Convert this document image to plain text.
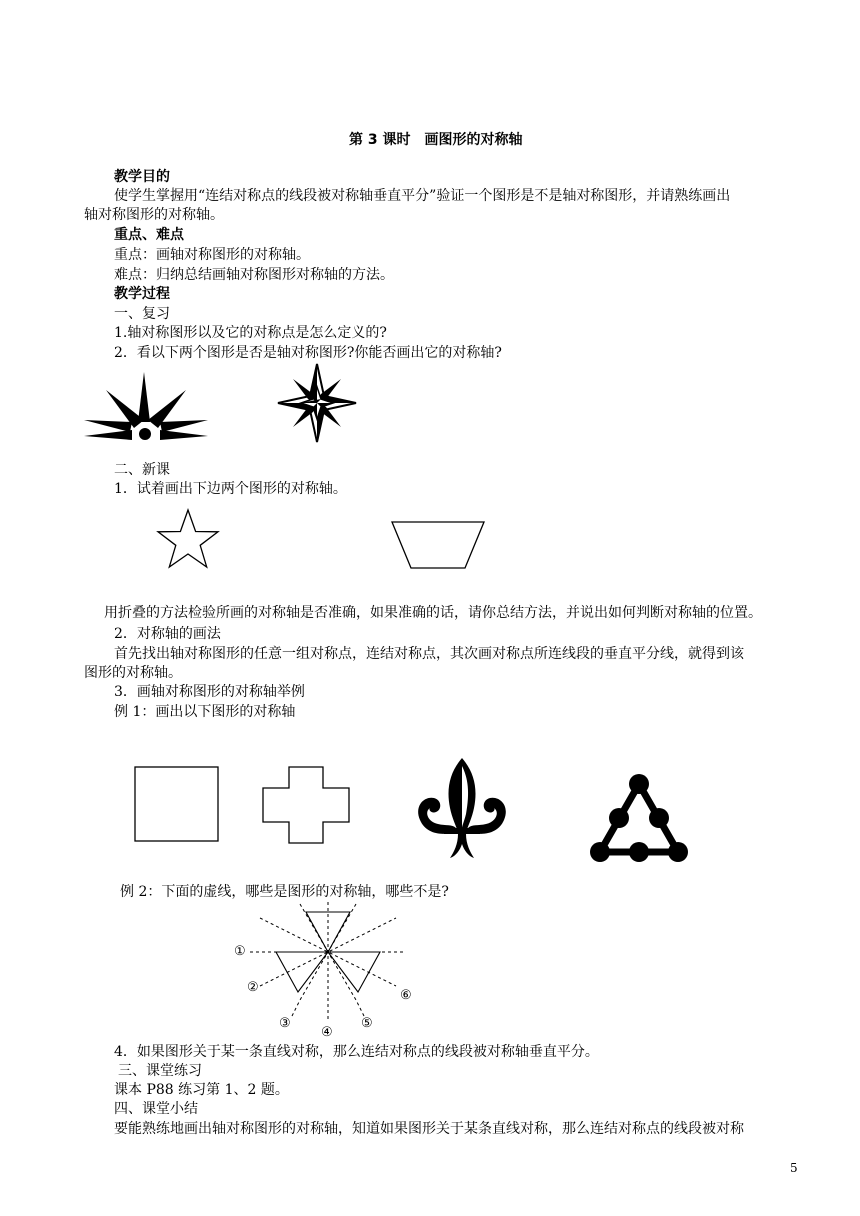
第 3 课时　画图形的对称轴
教学目的
使学生掌握用“连结对称点的线段被对称轴垂直平分”验证一个图形是不是轴对称图形，并请熟练画出
轴对称图形的对称轴。
重点、难点
重点：画轴对称图形的对称轴。
难点：归纳总结画轴对称图形对称轴的方法。
教学过程
一、复习
1.轴对称图形以及它的对称点是怎么定义的?
2．看以下两个图形是否是轴对称图形?你能否画出它的对称轴?
二、新课
1．试着画出下边两个图形的对称轴。
用折叠的方法检验所画的对称轴是否准确，如果准确的话，请你总结方法，并说出如何判断对称轴的位置。
2．对称轴的画法
首先找出轴对称图形的任意一组对称点，连结对称点，其次画对称点所连线段的垂直平分线，就得到该
图形的对称轴。
3．画轴对称图形的对称轴举例
例 1：画出以下图形的对称轴
例 2：下面的虚线，哪些是图形的对称轴，哪些不是?
①
②
③
④
⑤
⑥
4．如果图形关于某一条直线对称，那么连结对称点的线段被对称轴垂直平分。
三、课堂练习
课本 P88 练习第 1、2 题。
四、课堂小结
要能熟练地画出轴对称图形的对称轴，知道如果图形关于某条直线对称，那么连结对称点的线段被对称
5
